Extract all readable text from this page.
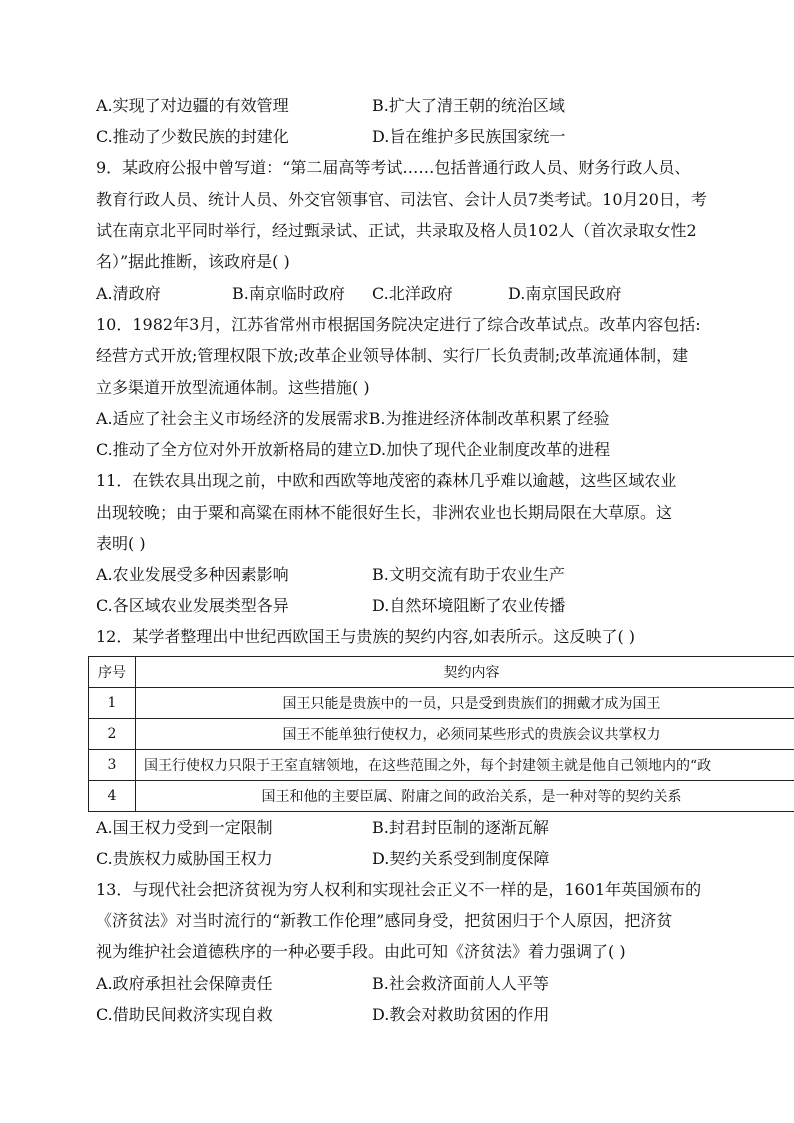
A.实现了对边疆的有效管理	B.扩大了清王朝的统治区域
C.推动了少数民族的封建化	D.旨在维护多民族国家统一
9．某政府公报中曾写道：“第二届高等考试……包括普通行政人员、财务行政人员、
教育行政人员、统计人员、外交官领事官、司法官、会计人员7类考试。10月20日，考
试在南京北平同时举行，经过甄录试、正试，共录取及格人员102人（首次录取女性2
名）”据此推断，该政府是( )
A.清政府	B.南京临时政府 C.北洋政府	D.南京国民政府
10．1982年3月，江苏省常州市根据国务院决定进行了综合改革试点。改革内容包括:
经营方式开放;管理权限下放;改革企业领导体制、实行厂长负责制;改革流通体制，建
立多渠道开放型流通体制。这些措施( )
A.适应了社会主义市场经济的发展需求B.为推进经济体制改革积累了经验
C.推动了全方位对外开放新格局的建立D.加快了现代企业制度改革的进程
11．在铁农具出现之前，中欧和西欧等地茂密的森林几乎难以逾越，这些区域农业
出现较晚；由于粟和高粱在雨林不能很好生长，非洲农业也长期局限在大草原。这
表明( )
A.农业发展受多种因素影响	B.文明交流有助于农业生产
C.各区域农业发展类型各异	D.自然环境阻断了农业传播
12．某学者整理出中世纪西欧国王与贵族的契约内容,如表所示。这反映了( )
序号	契约内容
1	国王只能是贵族中的一员，只是受到贵族们的拥戴才成为国王
2	国王不能单独行使权力，必须同某些形式的贵族会议共掌权力
3	国王行使权力只限于王室直辖领地，在这些范围之外，每个封建领主就是他自己领地内的“政
4	国王和他的主要臣属、附庸之间的政治关系，是一种对等的契约关系
A.国王权力受到一定限制	B.封君封臣制的逐渐瓦解
C.贵族权力威胁国王权力	D.契约关系受到制度保障
13．与现代社会把济贫视为穷人权利和实现社会正义不一样的是，1601年英国颁布的
《济贫法》对当时流行的“新教工作伦理”感同身受，把贫困归于个人原因，把济贫
视为维护社会道德秩序的一种必要手段。由此可知《济贫法》着力强调了( )
A.政府承担社会保障责任	B.社会救济面前人人平等
C.借助民间救济实现自救	D.教会对救助贫困的作用
